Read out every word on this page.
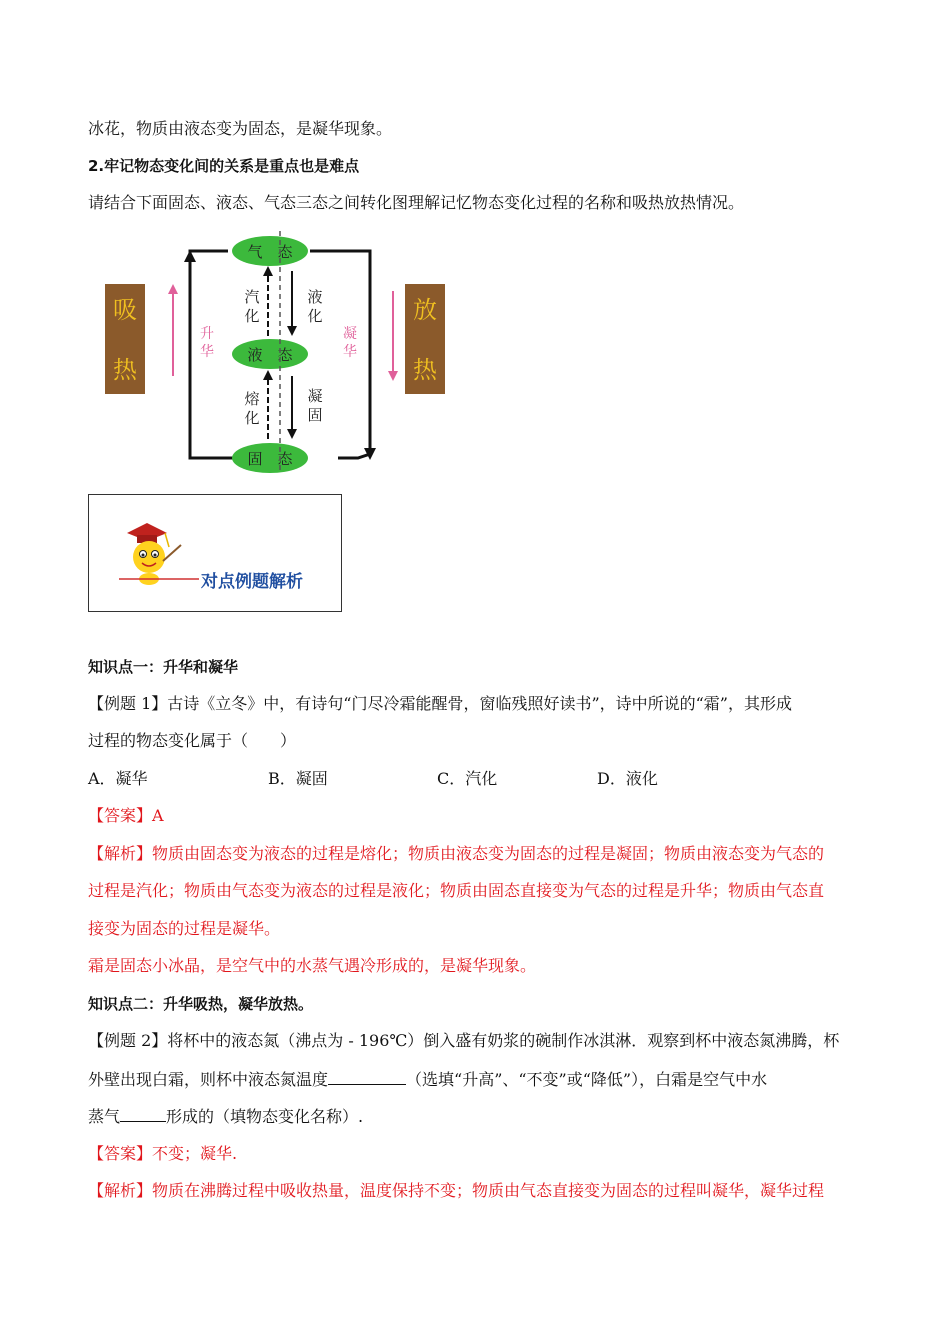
冰花，物质由液态变为固态，是凝华现象。
2.牢记物态变化间的关系是重点也是难点
请结合下面固态、液态、气态三态之间转化图理解记忆物态变化过程的名称和吸热放热情况。
吸
热
放
热
升
华
凝
华
气　态
液　态
固　态
汽
化
液
化
熔
化
凝
固
对点例题解析
知识点一：升华和凝华
【例题 1】古诗《立冬》中，有诗句“门尽冷霜能醒骨，窗临残照好读书”，诗中所说的“霜”，其形成
过程的物态变化属于（　　）
A．凝华	B．凝固	C．汽化	D．液化
【答案】A
【解析】物质由固态变为液态的过程是熔化；物质由液态变为固态的过程是凝固；物质由液态变为气态的
过程是汽化；物质由气态变为液态的过程是液化；物质由固态直接变为气态的过程是升华；物质由气态直
接变为固态的过程是凝华。
霜是固态小冰晶，是空气中的水蒸气遇冷形成的，是凝华现象。
知识点二：升华吸热，凝华放热。
【例题 2】将杯中的液态氮（沸点为 - 196℃）倒入盛有奶浆的碗制作冰淇淋．观察到杯中液态氮沸腾，杯
外壁出现白霜，则杯中液态氮温度	（选填“升高”、“不变”或“降低”），白霜是空气中水
蒸气	形成的（填物态变化名称）.
【答案】不变；凝华.
【解析】物质在沸腾过程中吸收热量，温度保持不变；物质由气态直接变为固态的过程叫凝华，凝华过程
